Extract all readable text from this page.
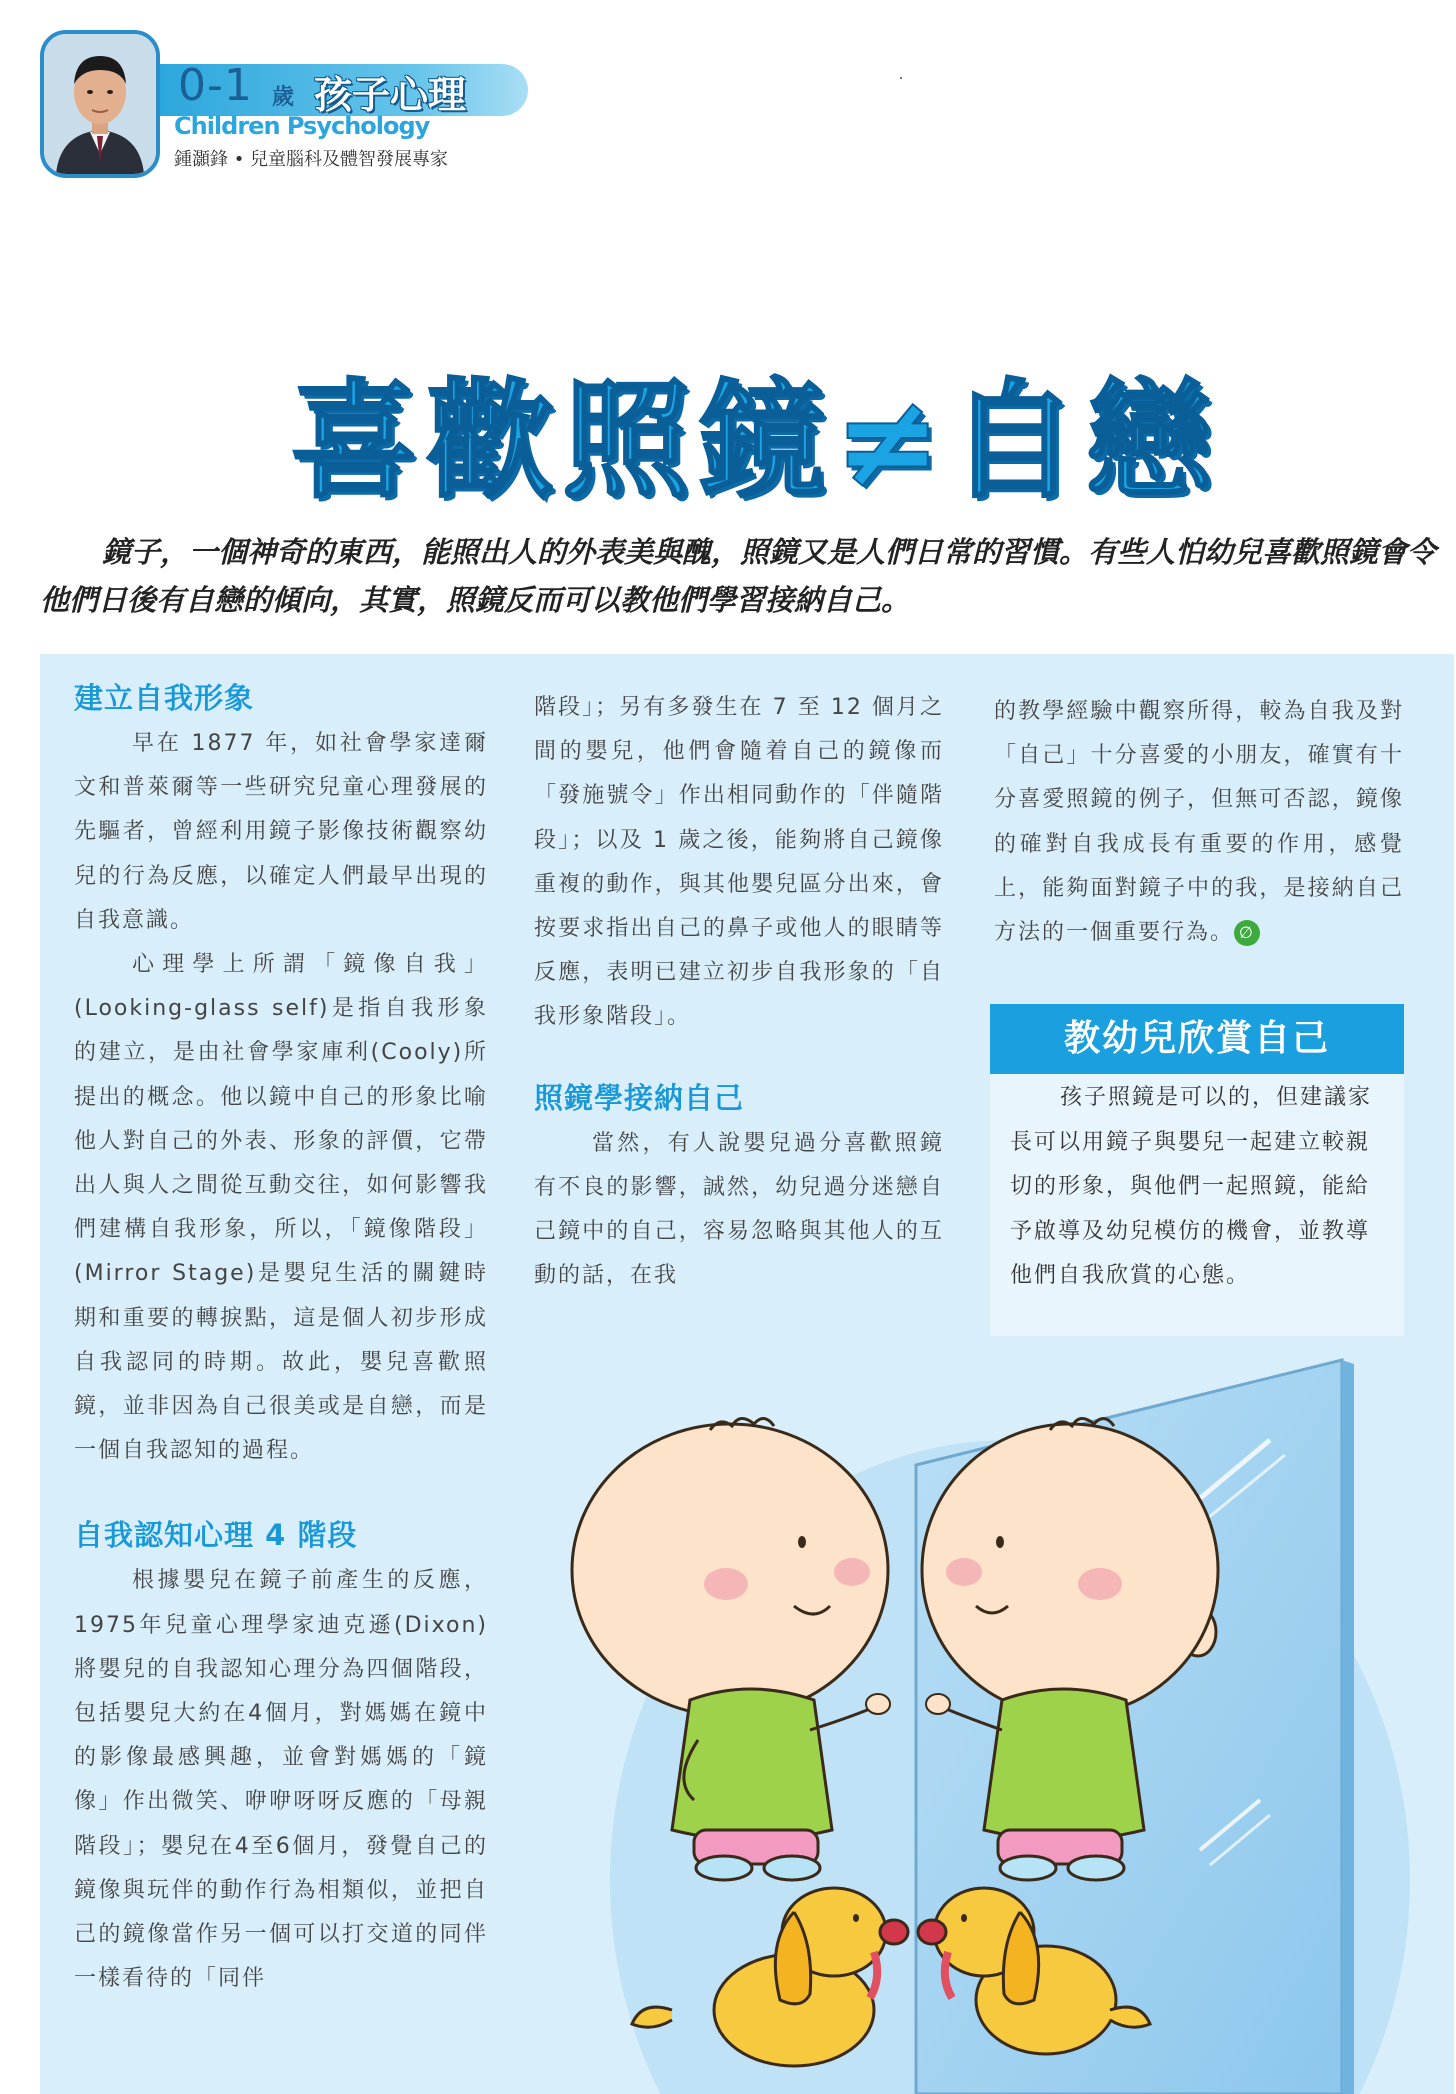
0-1 歲 孩子心理
Children Psychology
鍾灝鋒 • 兒童腦科及體智發展專家
喜歡照鏡≠自戀

鏡子，一個神奇的東西，能照出人的外表美與醜，照鏡又是人們日常的習慣。有些人怕幼兒喜歡照鏡會令

他們日後有自戀的傾向，其實，照鏡反而可以教他們學習接納自己。

建立自我形象

早在 1877 年，如社會學家達爾文和普萊爾等一些研究兒童心理發展的先驅者，曾經利用鏡子影像技術觀察幼兒的行為反應，以確定人們最早出現的自我意識。

心理學上所謂「鏡像自我」(Looking-glass self)是指自我形象的建立，是由社會學家庫利(Cooly)所提出的概念。他以鏡中自己的形象比喻他人對自己的外表、形象的評價，它帶出人與人之間從互動交往，如何影響我們建構自我形象，所以，「鏡像階段」(Mirror Stage)是嬰兒生活的關鍵時期和重要的轉捩點，這是個人初步形成自我認同的時期。故此，嬰兒喜歡照鏡，並非因為自己很美或是自戀，而是一個自我認知的過程。

自我認知心理 4 階段

根據嬰兒在鏡子前產生的反應，1975年兒童心理學家迪克遜(Dixon)將嬰兒的自我認知心理分為四個階段，包括嬰兒大約在4個月，對媽媽在鏡中的影像最感興趣，並會對媽媽的「鏡像」作出微笑、咿咿呀呀反應的「母親階段」；嬰兒在4至6個月，發覺自己的鏡像與玩伴的動作行為相類似，並把自己的鏡像當作另一個可以打交道的同伴一樣看待的「同伴

階段」；另有多發生在 7 至 12 個月之間的嬰兒，他們會隨着自己的鏡像而「發施號令」作出相同動作的「伴隨階段」；以及 1 歲之後，能夠將自己鏡像重複的動作，與其他嬰兒區分出來，會按要求指出自己的鼻子或他人的眼睛等反應，表明已建立初步自我形象的「自我形象階段」。

照鏡學接納自己

當然，有人說嬰兒過分喜歡照鏡有不良的影響，誠然，幼兒過分迷戀自己鏡中的自己，容易忽略與其他人的互動的話，在我

的教學經驗中觀察所得，較為自我及對「自己」十分喜愛的小朋友，確實有十分喜愛照鏡的例子，但無可否認，鏡像的確對自我成長有重要的作用，感覺上，能夠面對鏡子中的我，是接納自己方法的一個重要行為。 ∅

教幼兒欣賞自己

孩子照鏡是可以的，但建議家長可以用鏡子與嬰兒一起建立較親切的形象，與他們一起照鏡，能給予啟導及幼兒模仿的機會，並教導他們自我欣賞的心態。
